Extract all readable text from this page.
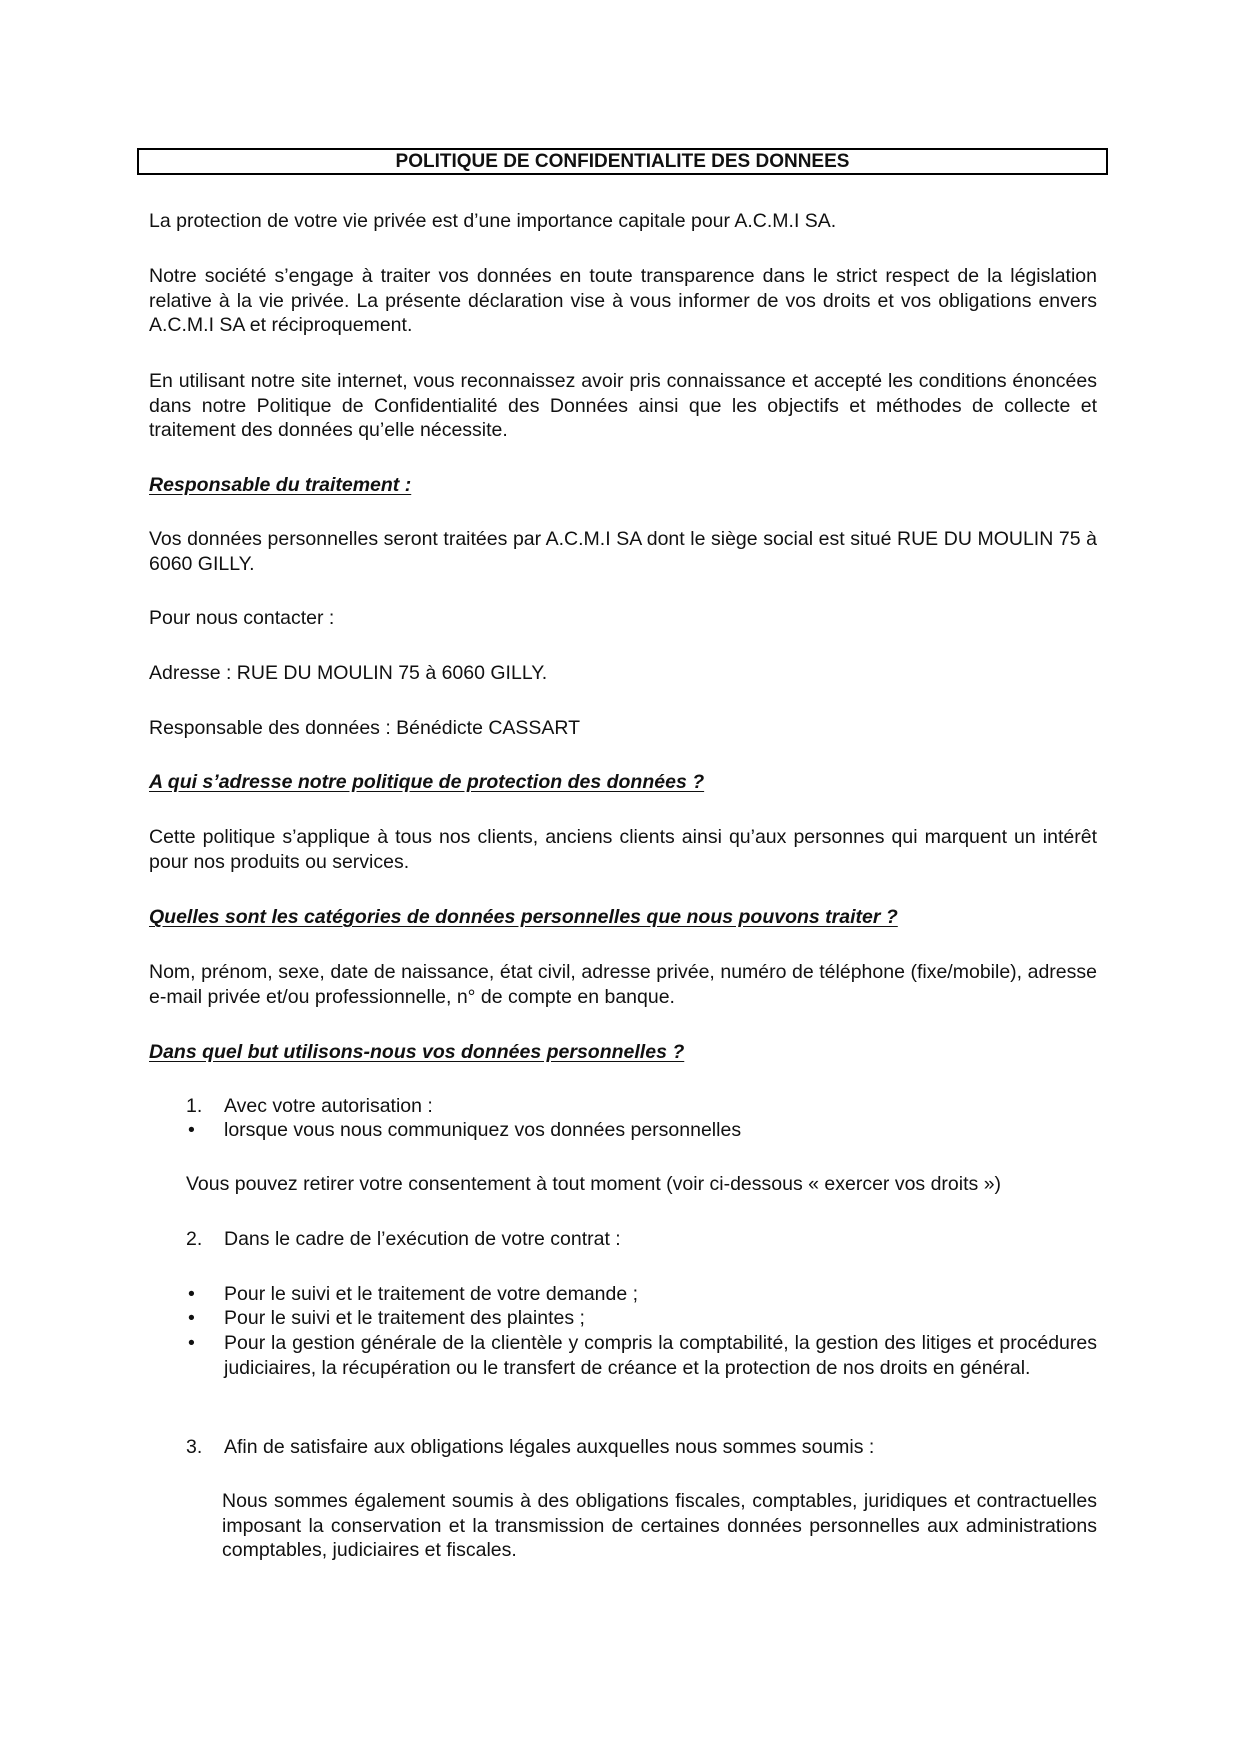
POLITIQUE DE CONFIDENTIALITE DES DONNEES

La protection de votre vie privée est d’une importance capitale pour A.C.M.I SA.

Notre société s’engage à traiter vos données en toute transparence dans le strict respect de la législation relative à la vie privée. La présente déclaration vise à vous informer de vos droits et vos obligations envers A.C.M.I SA et réciproquement.

En utilisant notre site internet, vous reconnaissez avoir pris connaissance et accepté les conditions énoncées dans notre Politique de Confidentialité des Données ainsi que les objectifs et méthodes de collecte et traitement des données qu’elle nécessite.

Responsable du traitement :

Vos données personnelles seront traitées par A.C.M.I SA dont le siège social est situé RUE DU MOULIN 75 à 6060 GILLY.

Pour nous contacter :

Adresse : RUE DU MOULIN 75 à 6060 GILLY.

Responsable des données : Bénédicte CASSART

A qui s’adresse notre politique de protection des données ?

Cette politique s’applique à tous nos clients, anciens clients ainsi qu’aux personnes qui marquent un intérêt pour nos produits ou services.

Quelles sont les catégories de données personnelles que nous pouvons traiter ?

Nom, prénom, sexe, date de naissance, état civil, adresse privée, numéro de téléphone (fixe/mobile), adresse e-mail privée et/ou professionnelle, n° de compte en banque.

Dans quel but utilisons-nous vos données personnelles ?

1. Avec votre autorisation :

• lorsque vous nous communiquez vos données personnelles

Vous pouvez retirer votre consentement à tout moment (voir ci-dessous « exercer vos droits »)

2. Dans le cadre de l’exécution de votre contrat :

• Pour le suivi et le traitement de votre demande ;

• Pour le suivi et le traitement des plaintes ;

• Pour la gestion générale de la clientèle y compris la comptabilité, la gestion des litiges et procédures judiciaires, la récupération ou le transfert de créance et la protection de nos droits en général.

3. Afin de satisfaire aux obligations légales auxquelles nous sommes soumis :

Nous sommes également soumis à des obligations fiscales, comptables, juridiques et contractuelles imposant la conservation et la transmission de certaines données personnelles aux administrations comptables, judiciaires et fiscales.
